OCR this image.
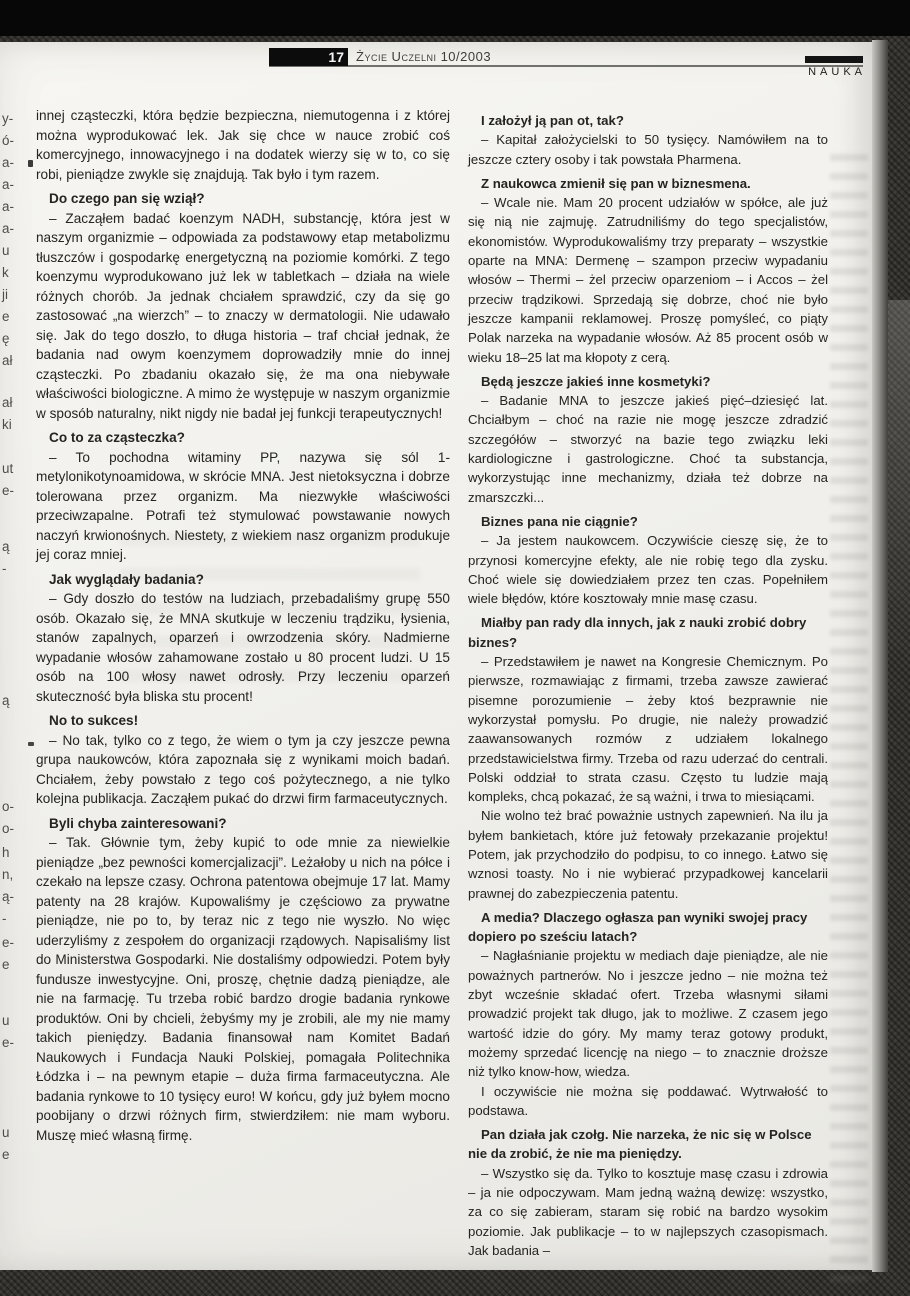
17 Życie Uczelni 10/2003
NAUKA
y-
ó-
a-
a-
a-
a-
u
k
ji
e
ę
ał
ał
ki
ut
e-
ą
-
ą
o-
o-
h
n,
ą-
-
e-
e
u
e-
u
e

innej cząsteczki, która będzie bezpieczna, niemutogenna i z której można wyprodukować lek. Jak się chce w nauce zrobić coś komercyjnego, innowacyjnego i na dodatek wierzy się w to, co się robi, pieniądze zwykle się znajdują. Tak było i tym razem.

Do czego pan się wziął?

– Zacząłem badać koenzym NADH, substancję, która jest w naszym organizmie – odpowiada za podstawowy etap metabolizmu tłuszczów i gospodarkę energetyczną na poziomie komórki. Z tego koenzymu wyprodukowano już lek w tabletkach – działa na wiele różnych chorób. Ja jednak chciałem sprawdzić, czy da się go zastosować „na wierzch” – to znaczy w dermatologii. Nie udawało się. Jak do tego doszło, to długa historia – traf chciał jednak, że badania nad owym koenzymem doprowadziły mnie do innej cząsteczki. Po zbadaniu okazało się, że ma ona niebywałe właściwości biologiczne. A mimo że występuje w naszym organizmie w sposób naturalny, nikt nigdy nie badał jej funkcji terapeutycznych!

Co to za cząsteczka?

– To pochodna witaminy PP, nazywa się sól 1-metylonikotynoamidowa, w skrócie MNA. Jest nietoksyczna i dobrze tolerowana przez organizm. Ma niezwykłe właściwości przeciwzapalne. Potrafi też stymulować powstawanie nowych naczyń krwionośnych. Niestety, z wiekiem nasz organizm produkuje jej coraz mniej.

Jak wyglądały badania?

– Gdy doszło do testów na ludziach, przebadaliśmy grupę 550 osób. Okazało się, że MNA skutkuje w leczeniu trądziku, łysienia, stanów zapalnych, oparzeń i owrzodzenia skóry. Nadmierne wypadanie włosów zahamowane zostało u 80 procent ludzi. U 15 osób na 100 włosy nawet odrosły. Przy leczeniu oparzeń skuteczność była bliska stu procent!

No to sukces!

– No tak, tylko co z tego, że wiem o tym ja czy jeszcze pewna grupa naukowców, która zapoznała się z wynikami moich badań. Chciałem, żeby powstało z tego coś pożytecznego, a nie tylko kolejna publikacja. Zacząłem pukać do drzwi firm farmaceutycznych.

Byli chyba zainteresowani?

– Tak. Głównie tym, żeby kupić to ode mnie za niewielkie pieniądze „bez pewności komercjalizacji”. Leżałoby u nich na półce i czekało na lepsze czasy. Ochrona patentowa obejmuje 17 lat. Mamy patenty na 28 krajów. Kupowaliśmy je częściowo za prywatne pieniądze, nie po to, by teraz nic z tego nie wyszło. No więc uderzyliśmy z zespołem do organizacji rządowych. Napisaliśmy list do Ministerstwa Gospodarki. Nie dostaliśmy odpowiedzi. Potem były fundusze inwestycyjne. Oni, proszę, chętnie dadzą pieniądze, ale nie na farmację. Tu trzeba robić bardzo drogie badania rynkowe produktów. Oni by chcieli, żebyśmy my je zrobili, ale my nie mamy takich pieniędzy. Badania finansował nam Komitet Badań Naukowych i Fundacja Nauki Polskiej, pomagała Politechnika Łódzka i – na pewnym etapie – duża firma farmaceutyczna. Ale badania rynkowe to 10 tysięcy euro! W końcu, gdy już byłem mocno poobijany o drzwi różnych firm, stwierdziłem: nie mam wyboru. Muszę mieć własną firmę.

I założył ją pan ot, tak?

– Kapitał założycielski to 50 tysięcy. Namówiłem na to jeszcze cztery osoby i tak powstała Pharmena.

Z naukowca zmienił się pan w biznesmena.

– Wcale nie. Mam 20 procent udziałów w spółce, ale już się nią nie zajmuję. Zatrudniliśmy do tego specjalistów, ekonomistów. Wyprodukowaliśmy trzy preparaty – wszystkie oparte na MNA: Dermenę – szampon przeciw wypadaniu włosów – Thermi – żel przeciw oparzeniom – i Accos – żel przeciw trądzikowi. Sprzedają się dobrze, choć nie było jeszcze kampanii reklamowej. Proszę pomyśleć, co piąty Polak narzeka na wypadanie włosów. Aż 85 procent osób w wieku 18–25 lat ma kłopoty z cerą.

Będą jeszcze jakieś inne kosmetyki?

– Badanie MNA to jeszcze jakieś pięć–dziesięć lat. Chciałbym – choć na razie nie mogę jeszcze zdradzić szczegółów – stworzyć na bazie tego związku leki kardiologiczne i gastrologiczne. Choć ta substancja, wykorzystując inne mechanizmy, działa też dobrze na zmarszczki...

Biznes pana nie ciągnie?

– Ja jestem naukowcem. Oczywiście cieszę się, że to przynosi komercyjne efekty, ale nie robię tego dla zysku. Choć wiele się dowiedziałem przez ten czas. Popełniłem wiele błędów, które kosztowały mnie masę czasu.

Miałby pan rady dla innych, jak z nauki zrobić dobry biznes?

– Przedstawiłem je nawet na Kongresie Chemicznym. Po pierwsze, rozmawiając z firmami, trzeba zawsze zawierać pisemne porozumienie – żeby ktoś bezprawnie nie wykorzystał pomysłu. Po drugie, nie należy prowadzić zaawansowanych rozmów z udziałem lokalnego przedstawicielstwa firmy. Trzeba od razu uderzać do centrali. Polski oddział to strata czasu. Często tu ludzie mają kompleks, chcą pokazać, że są ważni, i trwa to miesiącami.

Nie wolno też brać poważnie ustnych zapewnień. Na ilu ja byłem bankietach, które już fetowały przekazanie projektu! Potem, jak przychodziło do podpisu, to co innego. Łatwo się wznosi toasty. No i nie wybierać przypadkowej kancelarii prawnej do zabezpieczenia patentu.

A media? Dlaczego ogłasza pan wyniki swojej pracy dopiero po sześciu latach?

– Nagłaśnianie projektu w mediach daje pieniądze, ale nie poważnych partnerów. No i jeszcze jedno – nie można też zbyt wcześnie składać ofert. Trzeba własnymi siłami prowadzić projekt tak długo, jak to możliwe. Z czasem jego wartość idzie do góry. My mamy teraz gotowy produkt, możemy sprzedać licencję na niego – to znacznie droższe niż tylko know-how, wiedza.

I oczywiście nie można się poddawać. Wytrwałość to podstawa.

Pan działa jak czołg. Nie narzeka, że nic się w Polsce nie da zrobić, że nie ma pieniędzy.

– Wszystko się da. Tylko to kosztuje masę czasu i zdrowia – ja nie odpoczywam. Mam jedną ważną dewizę: wszystko, za co się zabieram, staram się robić na bardzo wysokim poziomie. Jak publikacje – to w najlepszych czasopismach. Jak badania –
